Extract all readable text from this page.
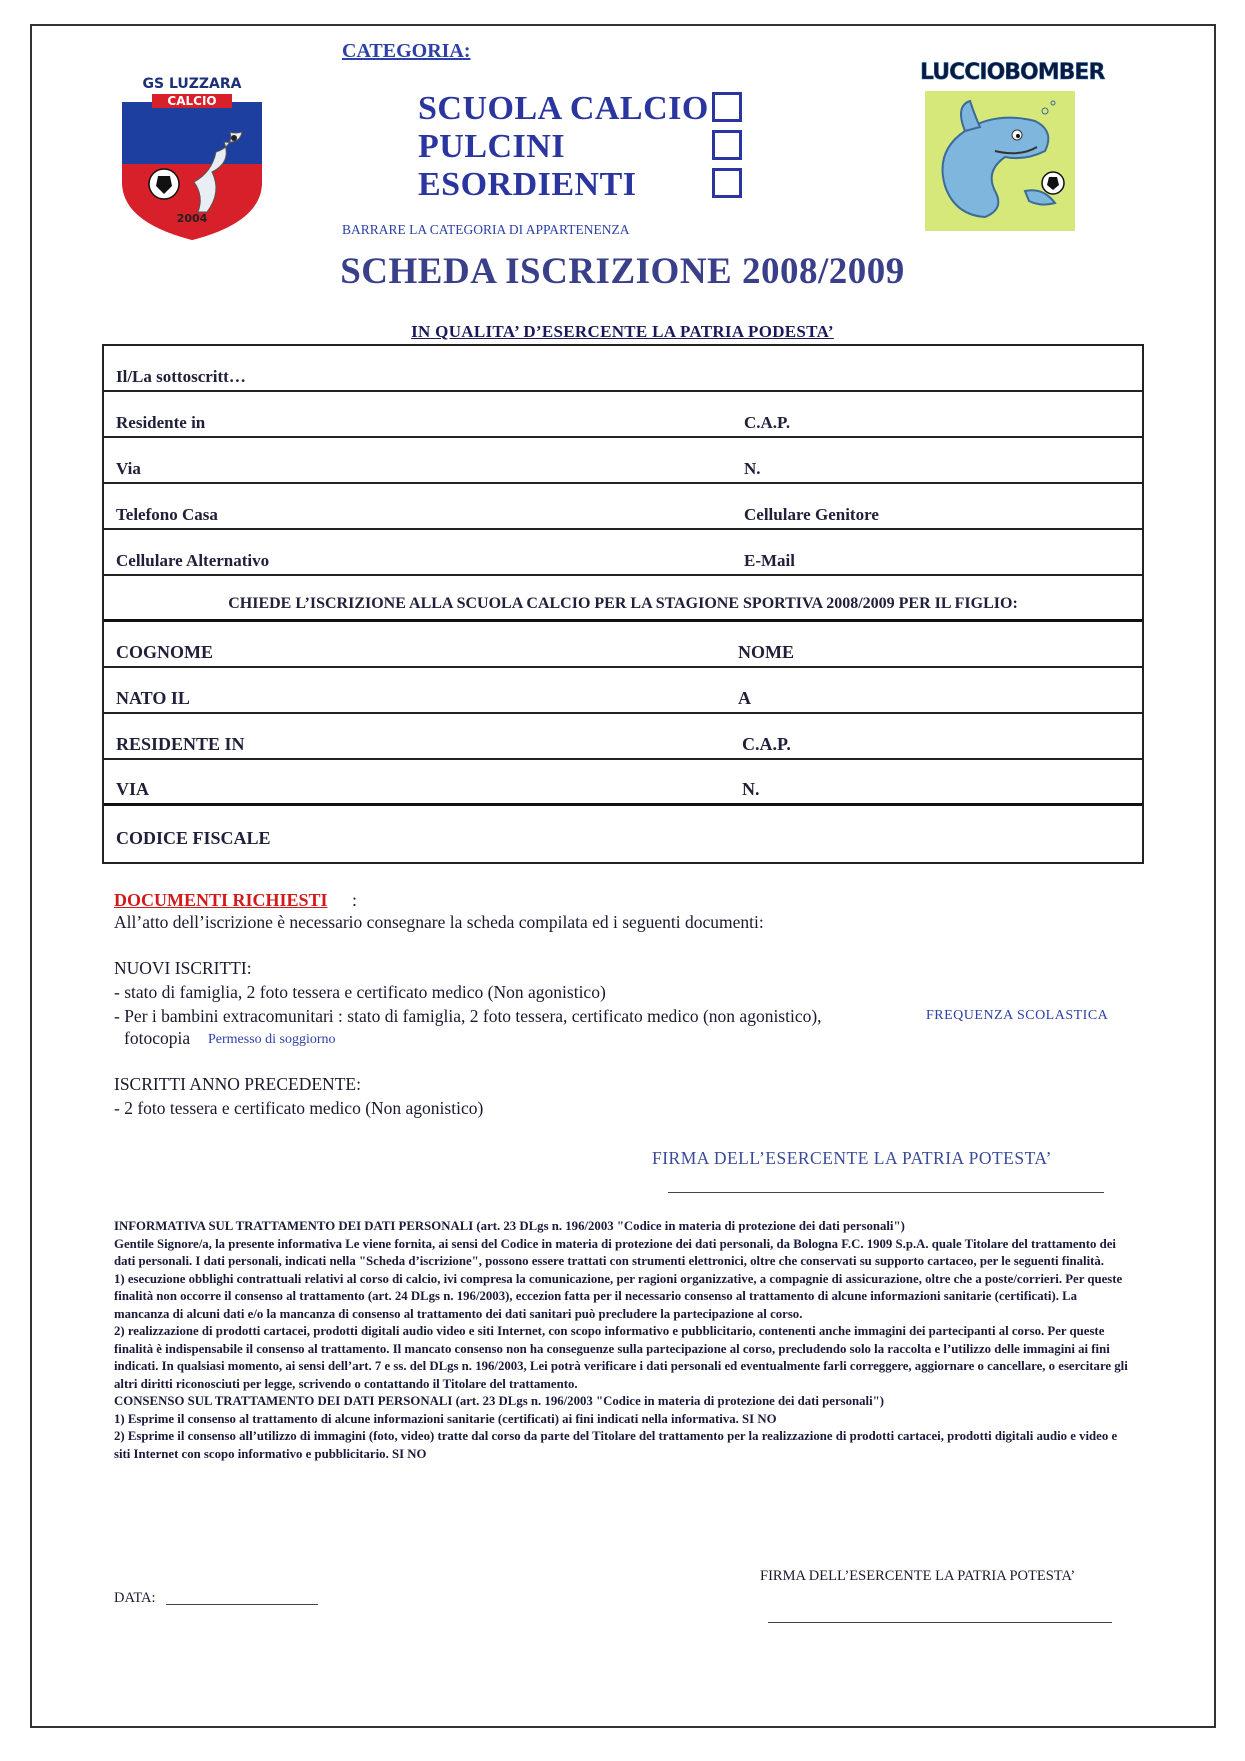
GS LUZZARA
CALCIO
2004
LUCCIOBOMBER
CATEGORIA:
SCUOLA CALCIO
PULCINI
ESORDIENTI
BARRARE LA CATEGORIA DI APPARTENENZA
SCHEDA ISCRIZIONE 2008/2009
IN QUALITA’ D’ESERCENTE LA PATRIA PODESTA’
Il/La sottoscritt…
Residente in	C.A.P.
Via	N.
Telefono Casa	Cellulare Genitore
Cellulare Alternativo	E-Mail
CHIEDE L’ISCRIZIONE ALLA SCUOLA CALCIO PER LA STAGIONE SPORTIVA 2008/2009 PER IL FIGLIO:
COGNOME	NOME
NATO IL	A
RESIDENTE IN	C.A.P.
VIA	N.
CODICE FISCALE
DOCUMENTI RICHIESTI :
All’atto dell’iscrizione è necessario consegnare la scheda compilata ed i seguenti documenti:
NUOVI ISCRITTI:
- stato di famiglia, 2 foto tessera e certificato medico (Non agonistico)
- Per i bambini extracomunitari : stato di famiglia, 2 foto tessera, certificato medico (non agonistico),	FREQUENZA SCOLASTICA
fotocopia Permesso di soggiorno
ISCRITTI ANNO PRECEDENTE:
- 2 foto tessera e certificato medico (Non agonistico)
FIRMA DELL’ESERCENTE LA PATRIA POTESTA’

INFORMATIVA SUL TRATTAMENTO DEI DATI PERSONALI (art. 23 DLgs n. 196/2003 "Codice in materia di protezione dei dati personali")

Gentile Signore/a, la presente informativa Le viene fornita, ai sensi del Codice in materia di protezione dei dati personali, da Bologna F.C. 1909 S.p.A. quale Titolare del trattamento dei dati personali. I dati personali, indicati nella "Scheda d’iscrizione", possono essere trattati con strumenti elettronici, oltre che conservati su supporto cartaceo, per le seguenti finalità.

1) esecuzione obblighi contrattuali relativi al corso di calcio, ivi compresa la comunicazione, per ragioni organizzative, a compagnie di assicurazione, oltre che a poste/corrieri. Per queste finalità non occorre il consenso al trattamento (art. 24 DLgs n. 196/2003), eccezion fatta per il necessario consenso al trattamento di alcune informazioni sanitarie (certificati). La mancanza di alcuni dati e/o la mancanza di consenso al trattamento dei dati sanitari può precludere la partecipazione al corso.

2) realizzazione di prodotti cartacei, prodotti digitali audio video e siti Internet, con scopo informativo e pubblicitario, contenenti anche immagini dei partecipanti al corso. Per queste finalità è indispensabile il consenso al trattamento. Il mancato consenso non ha conseguenze sulla partecipazione al corso, precludendo solo la raccolta e l’utilizzo delle immagini ai fini indicati. In qualsiasi momento, ai sensi dell’art. 7 e ss. del DLgs n. 196/2003, Lei potrà verificare i dati personali ed eventualmente farli correggere, aggiornare o cancellare, o esercitare gli altri diritti riconosciuti per legge, scrivendo o contattando il Titolare del trattamento.

CONSENSO SUL TRATTAMENTO DEI DATI PERSONALI (art. 23 DLgs n. 196/2003 "Codice in materia di protezione dei dati personali")

1) Esprime il consenso al trattamento di alcune informazioni sanitarie (certificati) ai fini indicati nella informativa. SI NO

2) Esprime il consenso all’utilizzo di immagini (foto, video) tratte dal corso da parte del Titolare del trattamento per la realizzazione di prodotti cartacei, prodotti digitali audio e video e siti Internet con scopo informativo e pubblicitario. SI NO

FIRMA DELL’ESERCENTE LA PATRIA POTESTA’
DATA:
